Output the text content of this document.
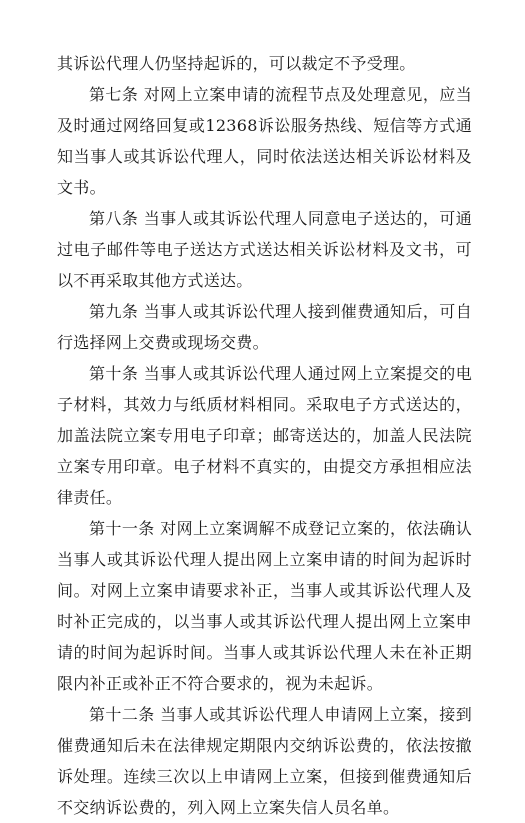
其诉讼代理人仍坚持起诉的，可以裁定不予受理。

第七条 对网上立案申请的流程节点及处理意见，应当及时通过网络回复或12368诉讼服务热线、短信等方式通知当事人或其诉讼代理人，同时依法送达相关诉讼材料及文书。

第八条 当事人或其诉讼代理人同意电子送达的，可通过电子邮件等电子送达方式送达相关诉讼材料及文书，可以不再采取其他方式送达。

第九条 当事人或其诉讼代理人接到催费通知后，可自行选择网上交费或现场交费。

第十条 当事人或其诉讼代理人通过网上立案提交的电子材料，其效力与纸质材料相同。采取电子方式送达的，加盖法院立案专用电子印章；邮寄送达的，加盖人民法院立案专用印章。电子材料不真实的，由提交方承担相应法律责任。

第十一条 对网上立案调解不成登记立案的，依法确认当事人或其诉讼代理人提出网上立案申请的时间为起诉时间。对网上立案申请要求补正，当事人或其诉讼代理人及时补正完成的，以当事人或其诉讼代理人提出网上立案申请的时间为起诉时间。当事人或其诉讼代理人未在补正期限内补正或补正不符合要求的，视为未起诉。

第十二条 当事人或其诉讼代理人申请网上立案，接到催费通知后未在法律规定期限内交纳诉讼费的，依法按撤诉处理。连续三次以上申请网上立案，但接到催费通知后不交纳诉讼费的，列入网上立案失信人员名单。
